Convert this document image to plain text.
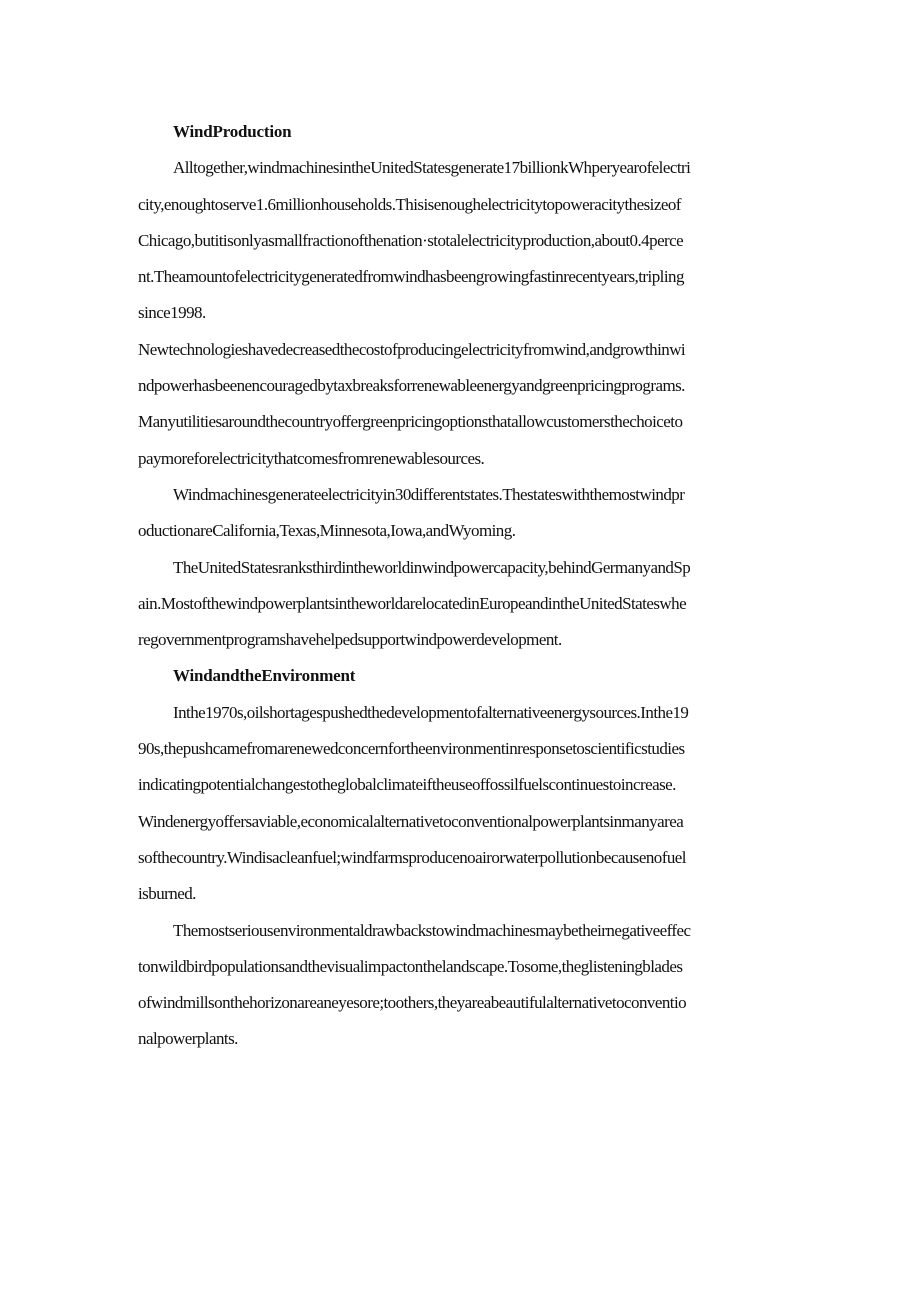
WindProduction
Alltogether,windmachinesintheUnitedStatesgenerate17billionkWhperyearofelectri
city,enoughtoserve1.6millionhouseholds.Thisisenoughelectricitytopoweracitythesizeof
Chicago,butitisonlyasmallfractionofthenation·stotalelectricityproduction,about0.4perce
nt.Theamountofelectricitygeneratedfromwindhasbeengrowingfastinrecentyears,tripling
since1998.
Newtechnologieshavedecreasedthecostofproducingelectricityfromwind,andgrowthinwi
ndpowerhasbeenencouragedbytaxbreaksforrenewableenergyandgreenpricingprograms.
Manyutilitiesaroundthecountryoffergreenpricingoptionsthatallowcustomersthechoiceto
paymoreforelectricitythatcomesfromrenewablesources.
Windmachinesgenerateelectricityin30differentstates.Thestateswiththemostwindpr
oductionareCalifornia,Texas,Minnesota,Iowa,andWyoming.
TheUnitedStatesranksthirdintheworldinwindpowercapacity,behindGermanyandSp
ain.MostofthewindpowerplantsintheworldarelocatedinEuropeandintheUnitedStateswhe
regovernmentprogramshavehelpedsupportwindpowerdevelopment.
WindandtheEnvironment
Inthe1970s,oilshortagespushedthedevelopmentofalternativeenergysources.Inthe19
90s,thepushcamefromarenewedconcernfortheenvironmentinresponsetoscientificstudies
indicatingpotentialchangestotheglobalclimateiftheuseoffossilfuelscontinuestoincrease.
Windenergyoffersaviable,economicalalternativetoconventionalpowerplantsinmanyarea
softhecountry.Windisacleanfuel;windfarmsproducenoairorwaterpollutionbecausenofuel
isburned.
Themostseriousenvironmentaldrawbackstowindmachinesmaybetheirnegativeeffec
tonwildbirdpopulationsandthevisualimpactonthelandscape.Tosome,theglisteningblades
ofwindmillsonthehorizonareaneyesore;toothers,theyareabeautifulalternativetoconventio
nalpowerplants.
